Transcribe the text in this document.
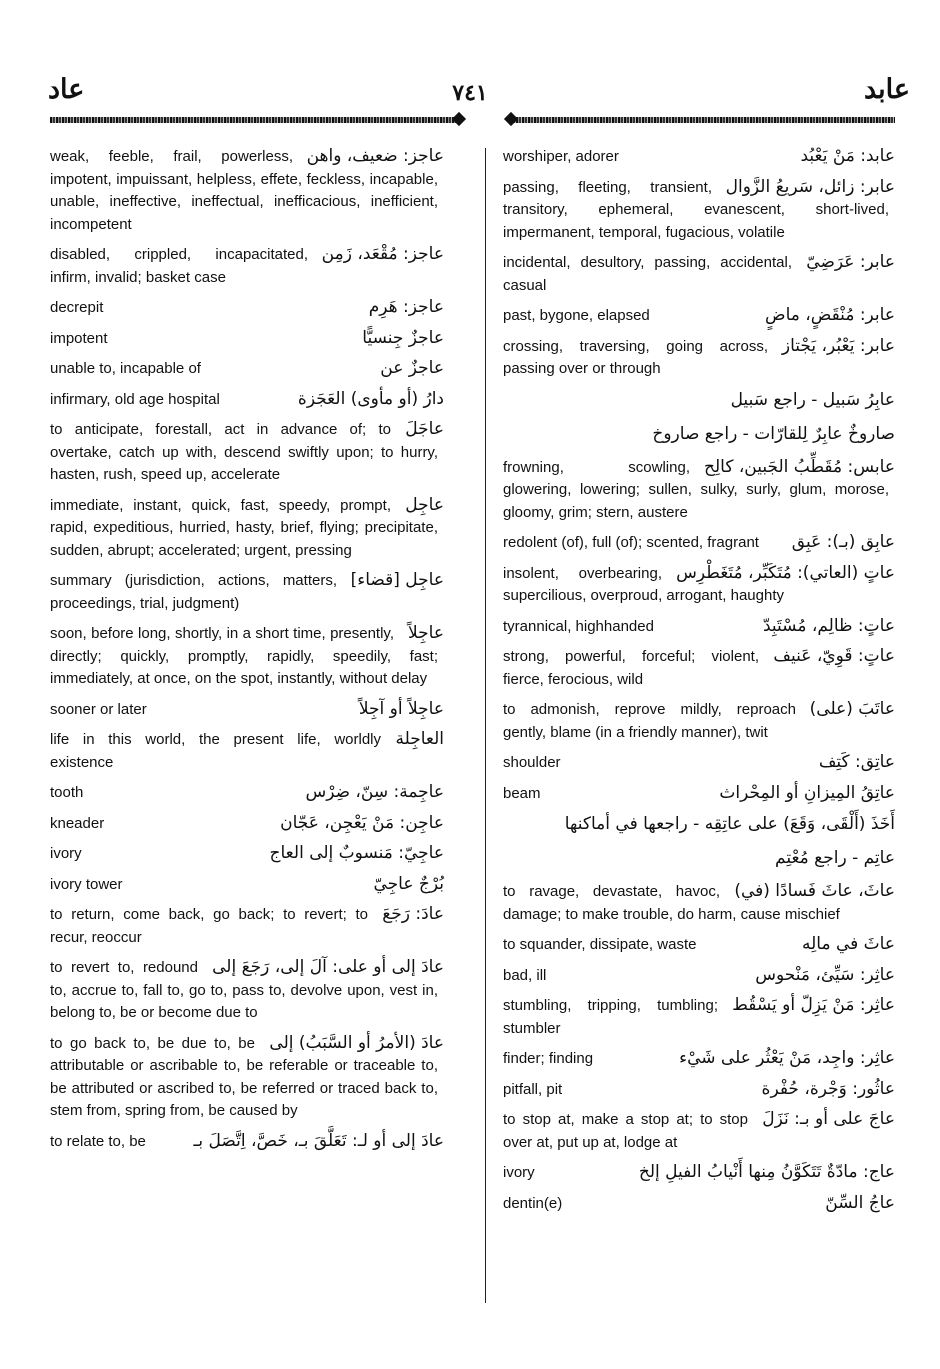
عاد	٧٤١	عابد
عاجز: ضعيف، واهن
weak, feeble, frail, powerless, impotent, impuissant, helpless, effete, feckless, incapable, unable, ineffective, ineffectual, inefficacious, inefficient, incompetent
عاجز: مُقْعَد، زَمِن
disabled, crippled, incapacitated, infirm, invalid; basket case
عاجز: هَرِم
decrepit
عاجزٌ جِنسيًّا
impotent
عاجزٌ عن
unable to, incapable of
دارُ (أو مأوى) العَجَزة
infirmary, old age hospital
عاجَلَ
to anticipate, forestall, act in advance of; to overtake, catch up with, descend swiftly upon; to hurry, hasten, rush, speed up, accelerate
عاجِل
immediate, instant, quick, fast, speedy, prompt, rapid, expeditious, hurried, hasty, brief, flying; precipitate, sudden, abrupt; accelerated; urgent, pressing
عاجِل [قضاء]
summary (jurisdiction, actions, matters, proceedings, trial, judgment)
عاجِلاً
soon, before long, shortly, in a short time, presently, directly; quickly, promptly, rapidly, speedily, fast; immediately, at once, on the spot, instantly, without delay
عاجِلاً أو آجِلاً
sooner or later
العاجِلة
life in this world, the present life, worldly existence
عاجِمة: سِنّ، ضِرْس
tooth
عاجِن: مَنْ يَعْجِن، عَجّان
kneader
عاجِيّ: مَنسوبٌ إلى العاج
ivory
بُرْجٌ عاجِيّ
ivory tower
عادَ: رَجَعَ
to return, come back, go back; to revert; to recur, reoccur
عادَ إلى أو على: آلَ إلى، رَجَعَ إلى
to revert to, redound to, accrue to, fall to, go to, pass to, devolve upon, vest in, belong to, be or become due to
عادَ (الأمرُ أو السَّبَبُ) إلى
to go back to, be due to, be attributable or ascribable to, be referable or traceable to, be attributed or ascribed to, be referred or traced back to, stem from, spring from, be caused by
عادَ إلى أو لـ: تَعَلَّقَ بـ، خَصَّ، اِتَّصَلَ بـ
to relate to, be
عابد: مَنْ يَعْبُد
worshiper, adorer
عابر: زائل، سَريعُ الزَّوال
passing, fleeting, transient, transitory, ephemeral, evanescent, short-lived, impermanent, temporal, fugacious, volatile
عابر: عَرَضِيّ
incidental, desultory, passing, accidental, casual
عابر: مُنْقَضٍ، ماضٍ
past, bygone, elapsed
عابر: يَعْبُر، يَجْتاز
crossing, traversing, going across, passing over or through
عابِرُ سَبيل - راجع سَبيل
صاروخٌ عابِرٌ لِلقارّات - راجع صاروخ
عابس: مُقَطِّبُ الجَبين، كالِح
frowning, scowling, glowering, lowering; sullen, sulky, surly, glum, morose, gloomy, grim; stern, austere
عابِق (بـ): عَبِق
redolent (of), full (of); scented, fragrant
عاتٍ (العاتي): مُتَكَبِّر، مُتَغَطْرِس
insolent, overbearing, supercilious, overproud, arrogant, haughty
عاتٍ: ظالِم، مُسْتَبِدّ
tyrannical, highhanded
عاتٍ: قَوِيّ، عَنيف
strong, powerful, forceful; violent, fierce, ferocious, wild
عاتَبَ (على)
to admonish, reprove mildly, reproach gently, blame (in a friendly manner), twit
عاتِق: كَتِف
shoulder
عاتِقُ المِيزانِ أو المِحْراث
beam
أَخَذَ (أَلْقَى، وَقَعَ) على عاتِقِه - راجعها في أماكنها
عاتِم - راجع مُعْتِم
عاثَ، عاثَ فَسادًا (في)
to ravage, devastate, havoc, damage; to make trouble, do harm, cause mischief
عاثَ في مالِه
to squander, dissipate, waste
عاثِر: سَيِّئ، مَنْحوس
bad, ill
عاثِر: مَنْ يَزِلّ أو يَسْقُط
stumbling, tripping, tumbling; stumbler
عاثِر: واجِد، مَنْ يَعْثُر على شَيْء
finder; finding
عاثُور: وَجْرة، حُفْرة
pitfall, pit
عاجَ على أو بـ: نَزَلَ
to stop at, make a stop at; to stop over at, put up at, lodge at
عاج: مادّةٌ تَتَكَوَّنُ مِنها أَنْيابُ الفيلِ إلخ
ivory
عاجُ السِّنّ
dentin(e)
